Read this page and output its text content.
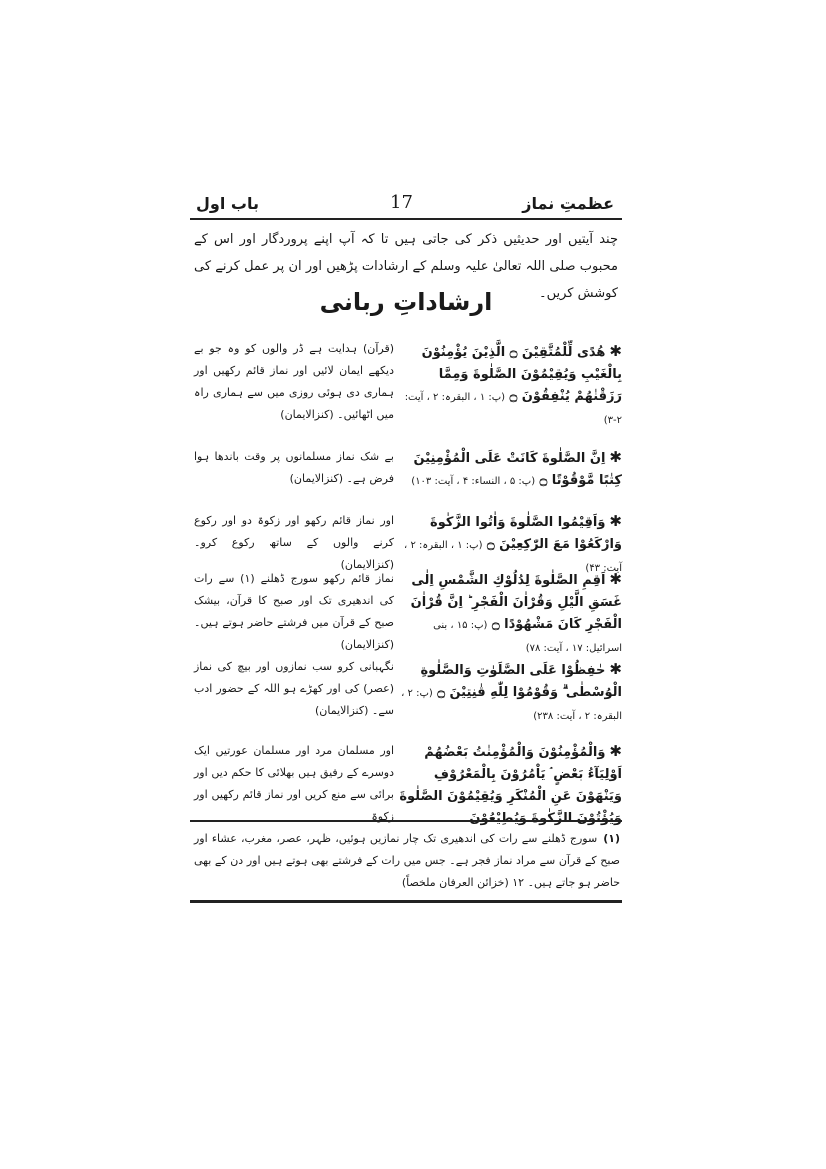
باب اول	17	عظمتِ نماز
چند آیتیں اور حدیثیں ذکر کی جاتی ہیں تا کہ آپ اپنے پروردگار اور اس کے محبوب صلی اللہ تعالیٰ علیہ وسلم کے ارشادات پڑھیں اور ان پر عمل کرنے کی کوشش کریں۔
ارشاداتِ ربانی
✱هُدًى لِّلْمُتَّقِيْنَ ۝ الَّذِيْنَ يُؤْمِنُوْنَ بِالْغَيْبِ وَيُقِيْمُوْنَ الصَّلٰوةَ وَمِمَّا رَزَقْنٰهُمْ يُنْفِقُوْنَ ۝ (پ: ۱ ، البقرہ: ۲ ، آیت: ۲-۳)
(قرآن) ہدایت ہے ڈر والوں کو وہ جو بے دیکھے ایمان لائیں اور نماز قائم رکھیں اور ہماری دی ہوئی روزی میں سے ہماری راہ میں اٹھائیں۔ (کنزالایمان)
✱اِنَّ الصَّلٰوةَ كَانَتْ عَلَى الْمُؤْمِنِيْنَ كِتٰبًا مَّوْقُوْتًا ۝ (پ: ۵ ، النساء: ۴ ، آیت: ۱۰۳)
بے شک نماز مسلمانوں پر وقت باندھا ہوا فرض ہے۔ (کنزالایمان)
✱وَاَقِيْمُوا الصَّلٰوةَ وَاٰتُوا الزَّكٰوةَ وَارْكَعُوْا مَعَ الرّٰكِعِيْنَ ۝ (پ: ۱ ، البقرہ: ۲ ، آیت: ۴۳)
اور نماز قائم رکھو اور زکوۃ دو اور رکوع کرنے والوں کے ساتھ رکوع کرو۔ (کنزالایمان)
✱اَقِمِ الصَّلٰوةَ لِدُلُوْكِ الشَّمْسِ اِلٰى غَسَقِ الَّيْلِ وَقُرْاٰنَ الْفَجْرِ ؕ اِنَّ قُرْاٰنَ الْفَجْرِ كَانَ مَشْهُوْدًا ۝ (پ: ۱۵ ، بنی اسرائیل: ۱۷ ، آیت: ۷۸)
نماز قائم رکھو سورج ڈھلنے (۱) سے رات کی اندھیری تک اور صبح کا قرآن، بیشک صبح کے قرآن میں فرشتے حاضر ہوتے ہیں۔ (کنزالایمان)
✱حٰفِظُوْا عَلَى الصَّلَوٰتِ وَالصَّلٰوةِ الْوُسْطٰى ۗ وَقُوْمُوْا لِلّٰهِ قٰنِتِيْنَ ۝ (پ: ۲ ، البقرہ: ۲ ، آیت: ۲۳۸)
نگہبانی کرو سب نمازوں اور بیچ کی نماز (عصر) کی اور کھڑے ہو اللہ کے حضور ادب سے۔ (کنزالایمان)
✱وَالْمُؤْمِنُوْنَ وَالْمُؤْمِنٰتُ بَعْضُهُمْ اَوْلِيَآءُ بَعْضٍ ۘ يَاْمُرُوْنَ بِالْمَعْرُوْفِ وَيَنْهَوْنَ عَنِ الْمُنْكَرِ وَيُقِيْمُوْنَ الصَّلٰوةَ وَيُؤْتُوْنَ الزَّكٰوةَ وَيُطِيْعُوْنَ
اور مسلمان مرد اور مسلمان عورتیں ایک دوسرے کے رفیق ہیں بھلائی کا حکم دیں اور برائی سے منع کریں اور نماز قائم رکھیں اور زکوۃ
(۱)سورج ڈھلنے سے رات کی اندھیری تک چار نمازیں ہوئیں، ظہر، عصر، مغرب، عشاء اور صبح کے قرآن سے مراد نماز فجر ہے۔ جس میں رات کے فرشتے بھی ہوتے ہیں اور دن کے بھی حاضر ہو جاتے ہیں۔ ۱۲ (خزائن العرفان ملخصاً)
